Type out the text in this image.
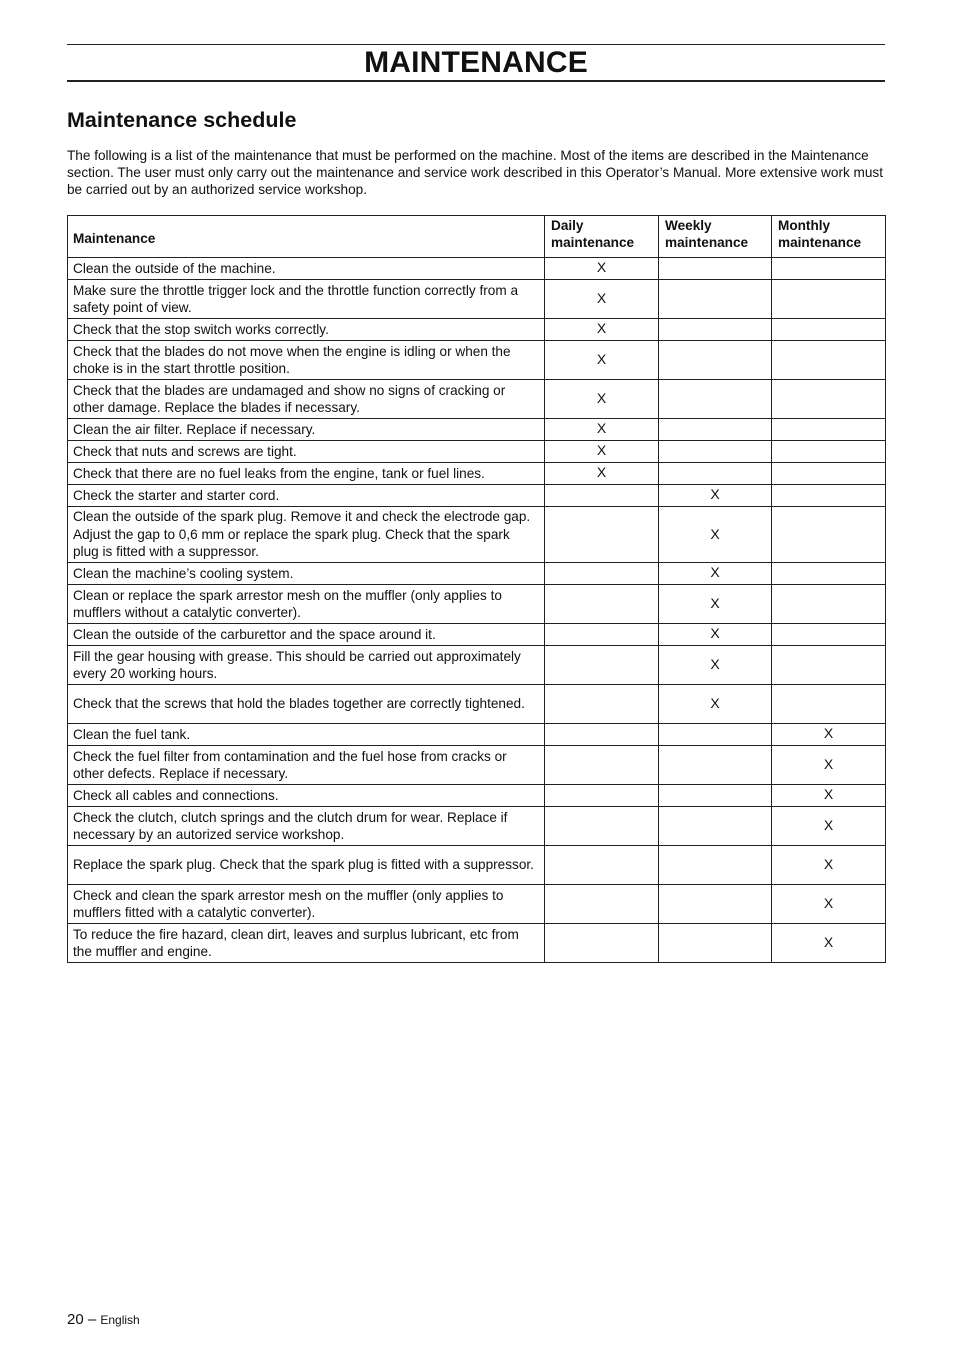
MAINTENANCE
Maintenance schedule

The following is a list of the maintenance that must be performed on the machine. Most of the items are described in the Maintenance section. The user must only carry out the maintenance and service work described in this Operator’s Manual. More extensive work must be carried out by an authorized service workshop.

Maintenance	Daily maintenance	Weekly maintenance	Monthly maintenance
Clean the outside of the machine.	X		
Make sure the throttle trigger lock and the throttle function correctly from a safety point of view.	X		
Check that the stop switch works correctly.	X		
Check that the blades do not move when the engine is idling or when the choke is in the start throttle position.	X		
Check that the blades are undamaged and show no signs of cracking or other damage. Replace the blades if necessary.	X		
Clean the air filter. Replace if necessary.	X		
Check that nuts and screws are tight.	X		
Check that there are no fuel leaks from the engine, tank or fuel lines.	X		
Check the starter and starter cord.		X	
Clean the outside of the spark plug. Remove it and check the electrode gap. Adjust the gap to 0,6 mm or replace the spark plug. Check that the spark plug is fitted with a suppressor.		X	
Clean the machine’s cooling system.		X	
Clean or replace the spark arrestor mesh on the muffler (only applies to mufflers without a catalytic converter).		X	
Clean the outside of the carburettor and the space around it.		X	
Fill the gear housing with grease. This should be carried out approximately every 20 working hours.		X	
Check that the screws that hold the blades together are correctly tightened.		X	
Clean the fuel tank.			X
Check the fuel filter from contamination and the fuel hose from cracks or other defects. Replace if necessary.			X
Check all cables and connections.			X
Check the clutch, clutch springs and the clutch drum for wear. Replace if necessary by an autorized service workshop.			X
Replace the spark plug. Check that the spark plug is fitted with a suppressor.			X
Check and clean the spark arrestor mesh on the muffler (only applies to mufflers fitted with a catalytic converter).			X
To reduce the fire hazard, clean dirt, leaves and surplus lubricant, etc from the muffler and engine.			X
20 – English
